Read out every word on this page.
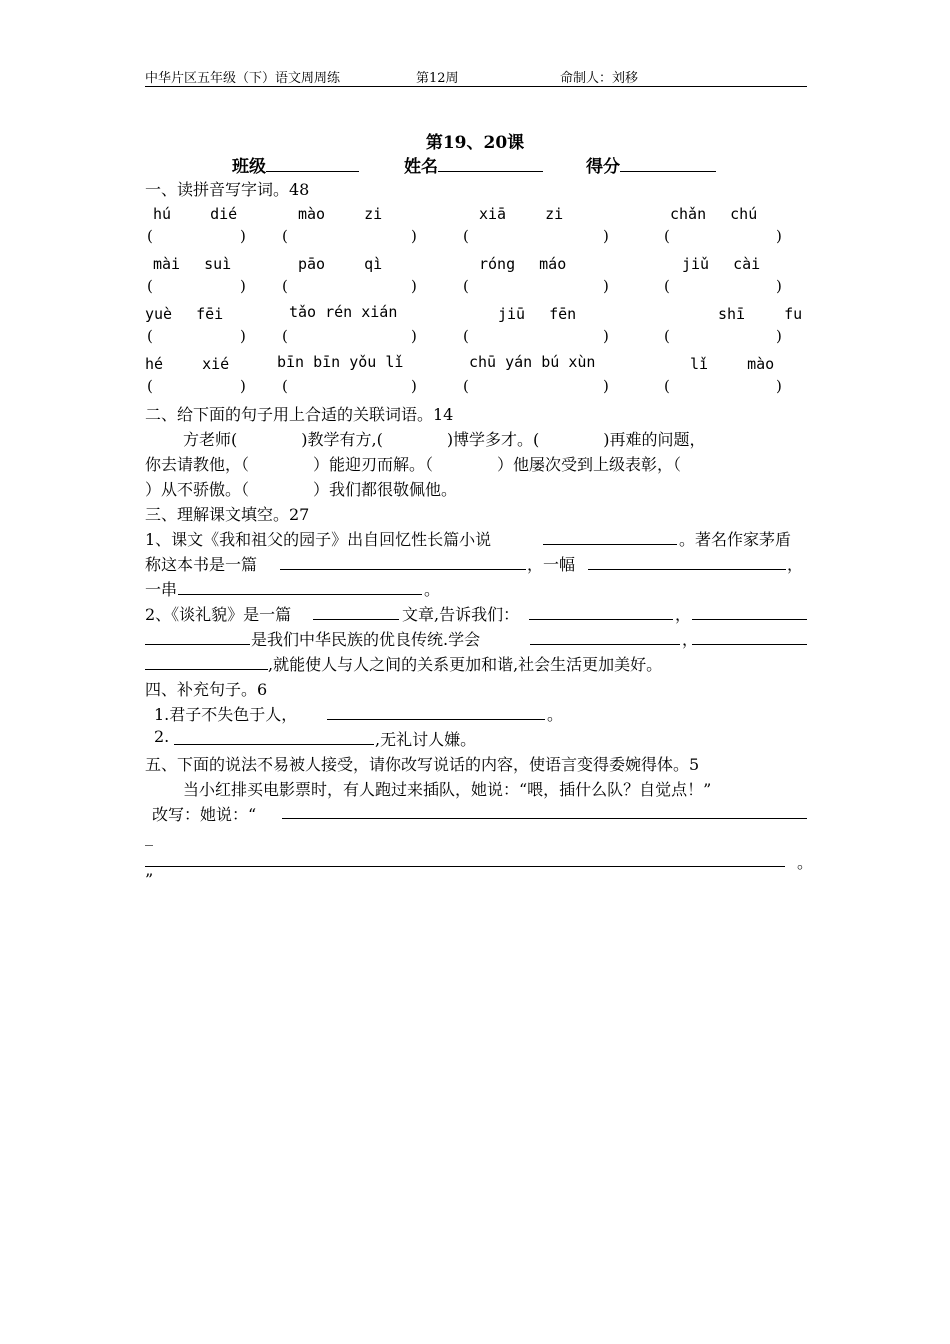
中华片区五年级（下）语文周周练	第12周	命制人：刘移
第19、20课
班级	姓名	得分
一、读拼音写字词。48
hú　　 dié	mào　　 zi	xiā　　 zi	chǎn　 chú
(	) (	)	(	)	(	)
mài　 suì	pāo　　 qì	róng　 máo	jiǔ　 cài
(	) (	)	(	)	(	)
yuè　 fēi	tǎo rén xián	jiū　 fēn	shī　　 fu
(	) (	)	(	)	(	)
hé　　 xié	bīn bīn yǒu lǐ	chū yán bú xùn	lǐ　　 mào
(	) (	)	(	)	(	)
二、给下面的句子用上合适的关联词语。14
方老师(　　　　)教学有方,(　　　　)博学多才。(　　　　)再难的问题，
你去请教他，（　　　　）能迎刃而解。（　　　　）他屡次受到上级表彰，（
）从不骄傲。（　　　　）我们都很敬佩他。
三、理解课文填空。27
1、课文《我和祖父的园子》出自回忆性长篇小说	。著名作家茅盾
称这本书是一篇	，一幅	，
一串	。
2、《谈礼貌》是一篇	文章,告诉我们：	，
是我们中华民族的优良传统.学会	，
,就能使人与人之间的关系更加和谐,社会生活更加美好。
四、补充句子。6
1.君子不失色于人，	。
2.	,无礼讨人嫌。
五、下面的说法不易被人接受，请你改写说话的内容，使语言变得委婉得体。5
当小红排买电影票时，有人跑过来插队，她说：“喂，插什么队？自觉点！”
改写：她说：“
_
。
”
